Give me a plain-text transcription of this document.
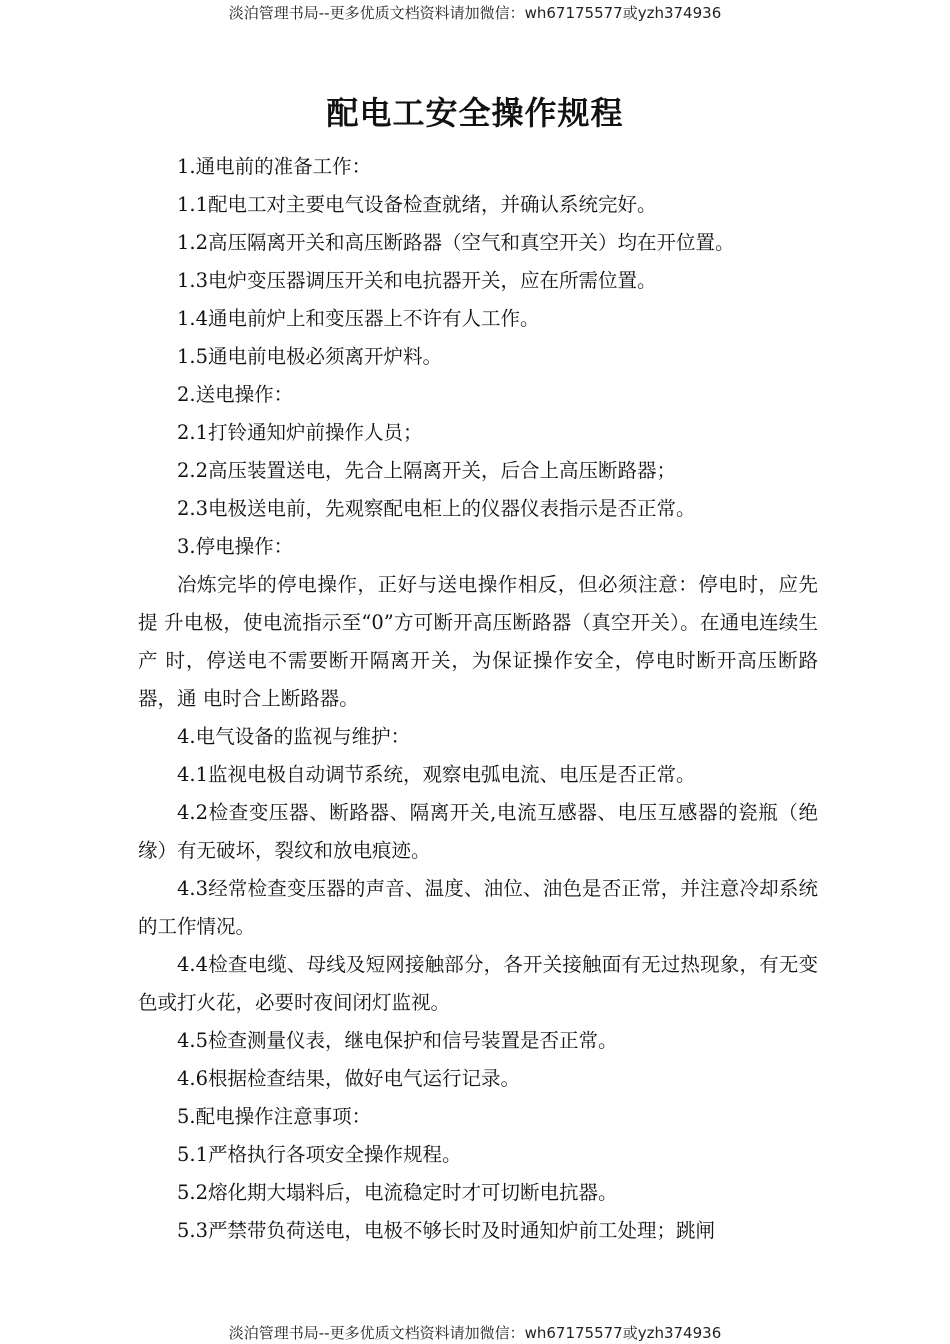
淡泊管理书局--更多优质文档资料请加微信：wh67175577或yzh374936
配电工安全操作规程

1.通电前的准备工作：

1.1配电工对主要电气设备检查就绪，并确认系统完好。

1.2高压隔离开关和高压断路器（空气和真空开关）均在开位置。

1.3电炉变压器调压开关和电抗器开关，应在所需位置。

1.4通电前炉上和变压器上不许有人工作。

1.5通电前电极必须离开炉料。

2.送电操作：

2.1打铃通知炉前操作人员；

2.2高压装置送电，先合上隔离开关，后合上高压断路器；

2.3电极送电前，先观察配电柜上的仪器仪表指示是否正常。

3.停电操作：

冶炼完毕的停电操作，正好与送电操作相反，但必须注意：停电时，应先提 升电极，使电流指示至“0”方可断开高压断路器（真空开关）。在通电连续生产 时，停送电不需要断开隔离开关，为保证操作安全，停电时断开高压断路器，通 电时合上断路器。

4.电气设备的监视与维护：

4.1监视电极自动调节系统，观察电弧电流、电压是否正常。

4.2检查变压器、断路器、隔离开关,电流互感器、电压互感器的瓷瓶（绝缘）有无破坏，裂纹和放电痕迹。

4.3经常检查变压器的声音、温度、油位、油色是否正常，并注意冷却系统的工作情况。

4.4检查电缆、母线及短网接触部分，各开关接触面有无过热现象，有无变色或打火花，必要时夜间闭灯监视。

4.5检查测量仪表，继电保护和信号装置是否正常。

4.6根据检查结果，做好电气运行记录。

5.配电操作注意事项：

5.1严格执行各项安全操作规程。

5.2熔化期大塌料后，电流稳定时才可切断电抗器。

5.3严禁带负荷送电，电极不够长时及时通知炉前工处理；跳闸

淡泊管理书局--更多优质文档资料请加微信：wh67175577或yzh374936
